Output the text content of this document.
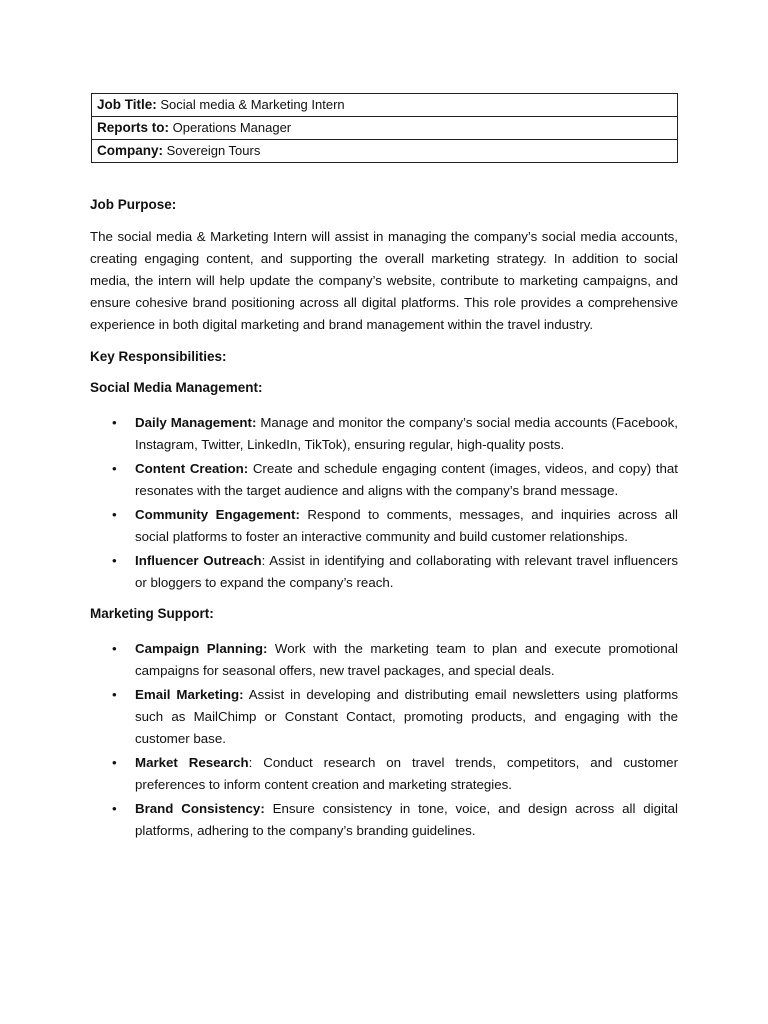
Job Title: Social media & Marketing Intern
Reports to: Operations Manager
Company: Sovereign Tours

Job Purpose:

The social media & Marketing Intern will assist in managing the company’s social media accounts, creating engaging content, and supporting the overall marketing strategy. In addition to social media, the intern will help update the company’s website, contribute to marketing campaigns, and ensure cohesive brand positioning across all digital platforms. This role provides a comprehensive experience in both digital marketing and brand management within the travel industry.

Key Responsibilities:

Social Media Management:

• Daily Management: Manage and monitor the company’s social media accounts (Facebook, Instagram, Twitter, LinkedIn, TikTok), ensuring regular, high-quality posts.
• Content Creation: Create and schedule engaging content (images, videos, and copy) that resonates with the target audience and aligns with the company’s brand message.
• Community Engagement: Respond to comments, messages, and inquiries across all social platforms to foster an interactive community and build customer relationships.
• Influencer Outreach: Assist in identifying and collaborating with relevant travel influencers or bloggers to expand the company’s reach.

Marketing Support:

• Campaign Planning: Work with the marketing team to plan and execute promotional campaigns for seasonal offers, new travel packages, and special deals.
• Email Marketing: Assist in developing and distributing email newsletters using platforms such as MailChimp or Constant Contact, promoting products, and engaging with the customer base.
• Market Research: Conduct research on travel trends, competitors, and customer preferences to inform content creation and marketing strategies.
• Brand Consistency: Ensure consistency in tone, voice, and design across all digital platforms, adhering to the company’s branding guidelines.
